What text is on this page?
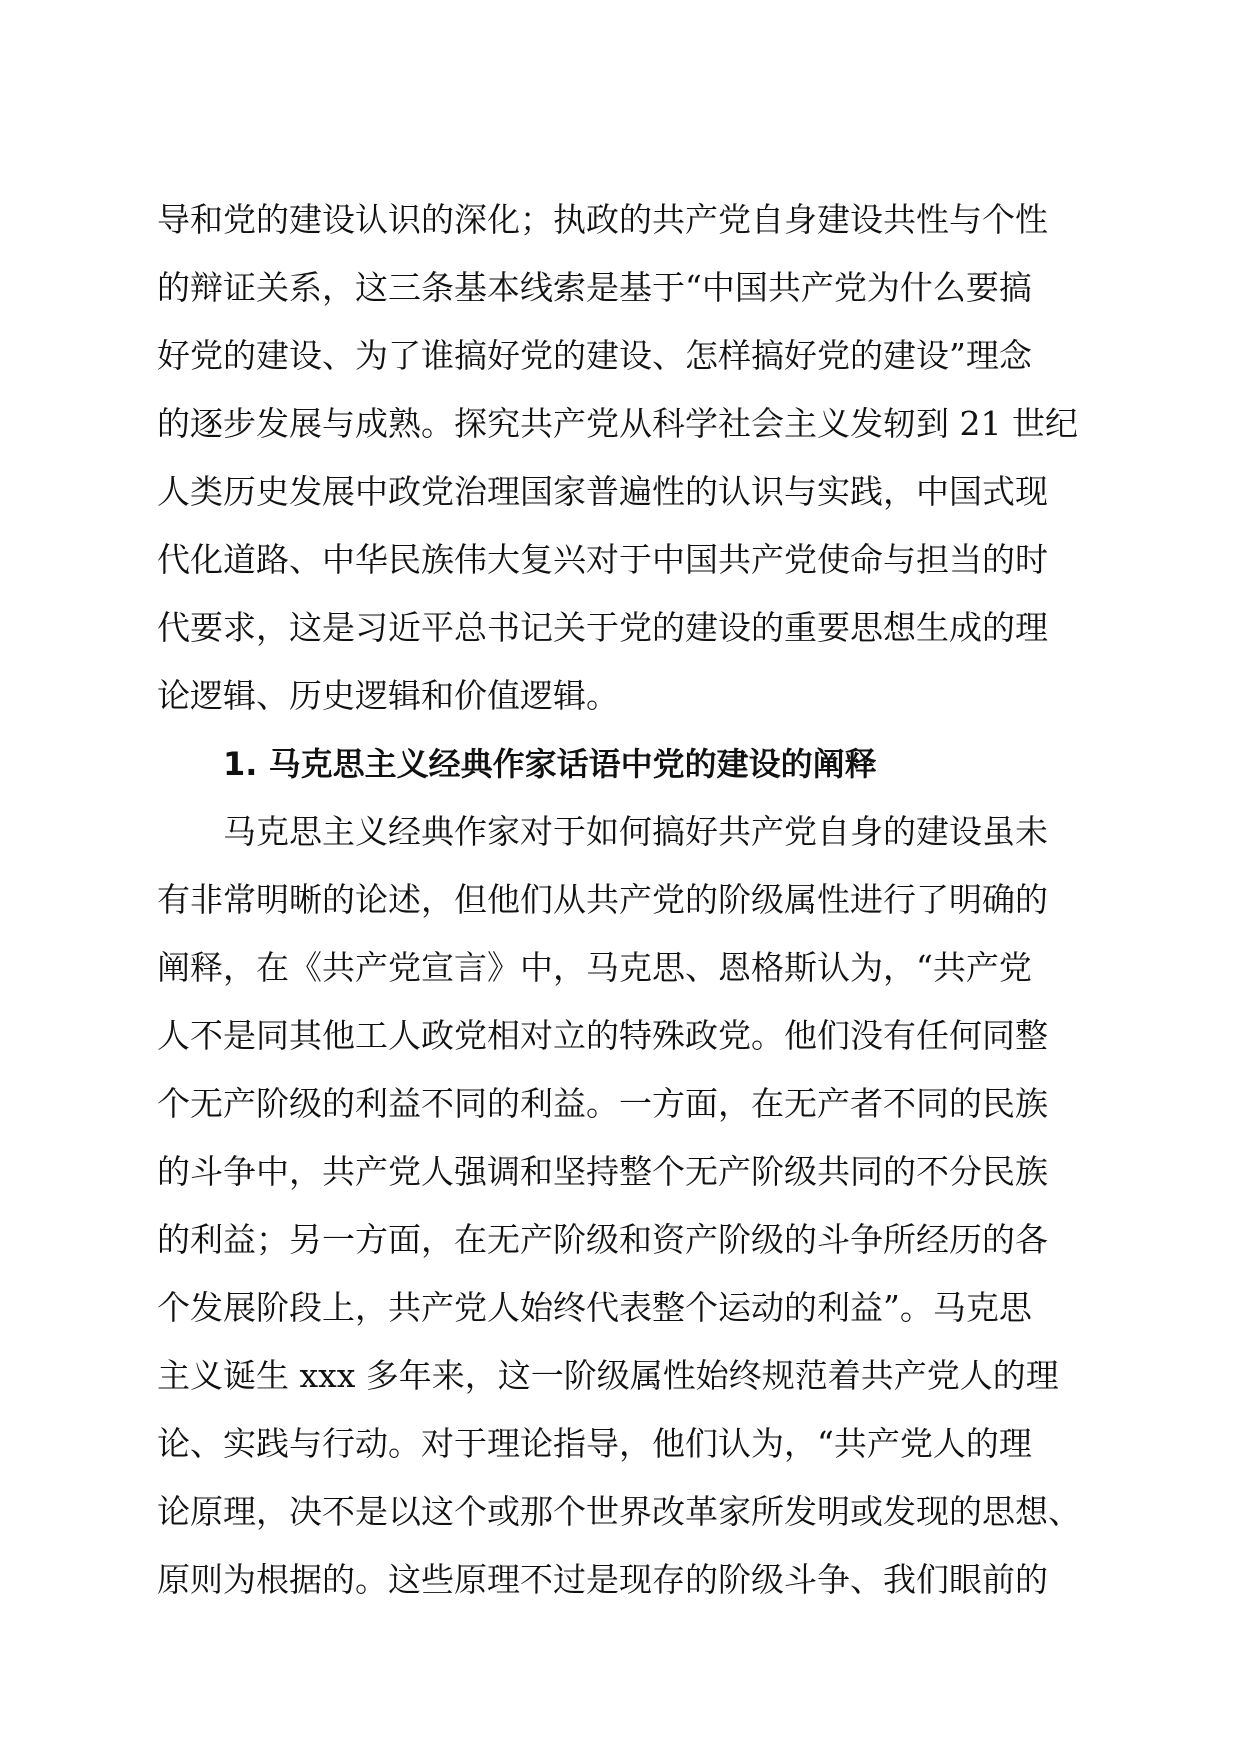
导和党的建设认识的深化；执政的共产党自身建设共性与个性
的辩证关系，这三条基本线索是基于“中国共产党为什么要搞
好党的建设、为了谁搞好党的建设、怎样搞好党的建设”理念
的逐步发展与成熟。探究共产党从科学社会主义发轫到 21 世纪
人类历史发展中政党治理国家普遍性的认识与实践，中国式现
代化道路、中华民族伟大复兴对于中国共产党使命与担当的时
代要求，这是习近平总书记关于党的建设的重要思想生成的理
论逻辑、历史逻辑和价值逻辑。
1. 马克思主义经典作家话语中党的建设的阐释
马克思主义经典作家对于如何搞好共产党自身的建设虽未
有非常明晰的论述，但他们从共产党的阶级属性进行了明确的
阐释，在《共产党宣言》中，马克思、恩格斯认为，“共产党
人不是同其他工人政党相对立的特殊政党。他们没有任何同整
个无产阶级的利益不同的利益。一方面，在无产者不同的民族
的斗争中，共产党人强调和坚持整个无产阶级共同的不分民族
的利益；另一方面，在无产阶级和资产阶级的斗争所经历的各
个发展阶段上，共产党人始终代表整个运动的利益”。马克思
主义诞生 xxx 多年来，这一阶级属性始终规范着共产党人的理
论、实践与行动。对于理论指导，他们认为，“共产党人的理
论原理，决不是以这个或那个世界改革家所发明或发现的思想、
原则为根据的。这些原理不过是现存的阶级斗争、我们眼前的
